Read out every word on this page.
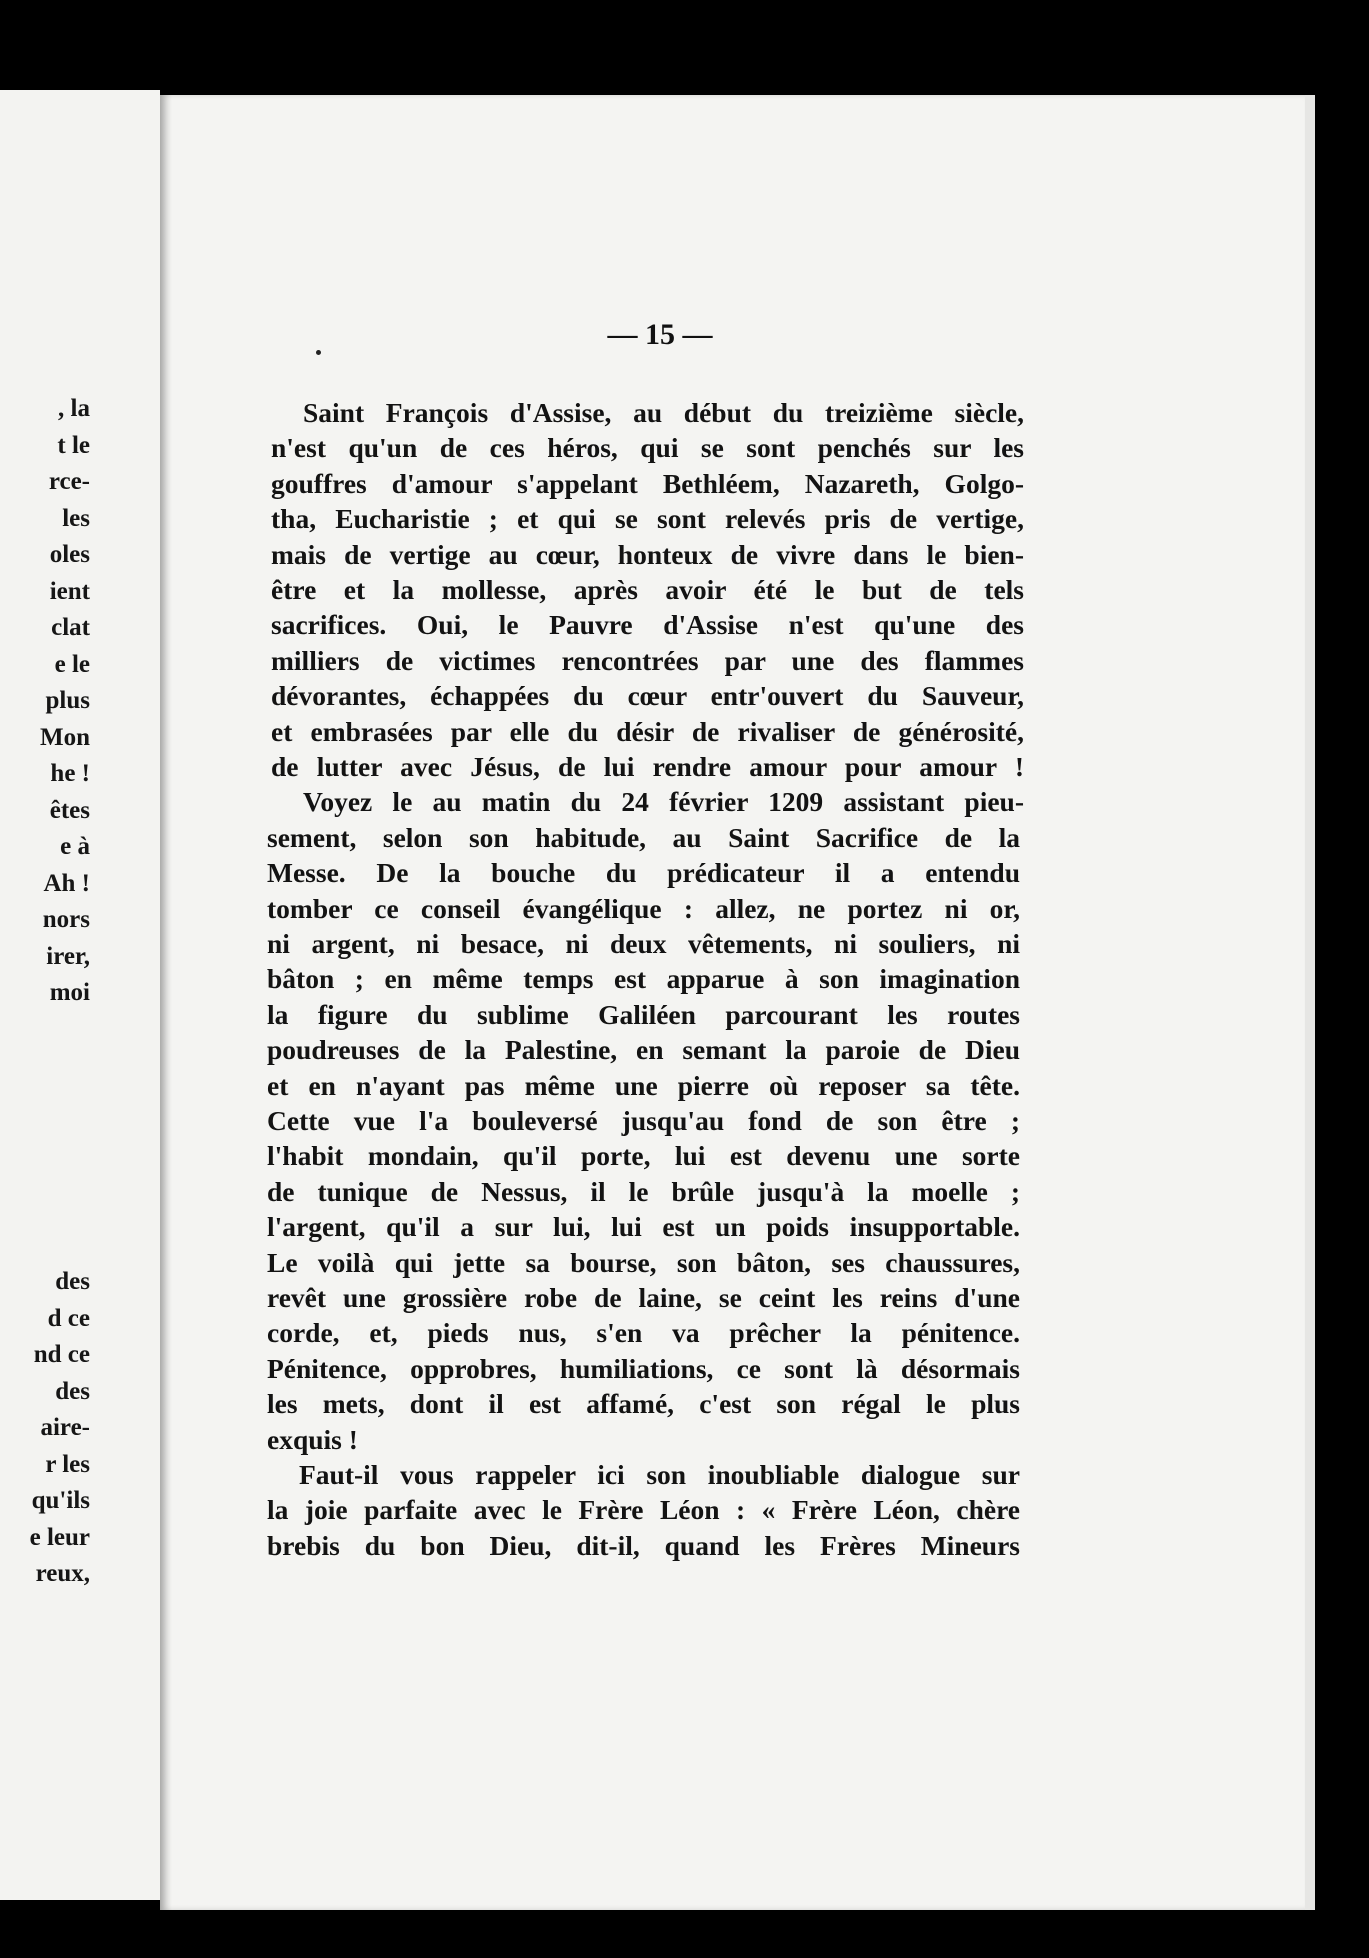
, la
t le
rce-
les
oles
ient
clat
e le
plus
Mon
he !
êtes
e à
Ah !
nors
irer,
moi
des
d ce
nd ce
des
aire-
r les
qu'ils
e leur
reux,
— 15 —
Saint François d'Assise, au début du treizième siècle,
n'est qu'un de ces héros, qui se sont penchés sur les
gouffres d'amour s'appelant Bethléem, Nazareth, Golgo-
tha, Eucharistie ; et qui se sont relevés pris de vertige,
mais de vertige au cœur, honteux de vivre dans le bien-
être et la mollesse, après avoir été le but de tels
sacrifices. Oui, le Pauvre d'Assise n'est qu'une des
milliers de victimes rencontrées par une des flammes
dévorantes, échappées du cœur entr'ouvert du Sauveur,
et embrasées par elle du désir de rivaliser de générosité,
de lutter avec Jésus, de lui rendre amour pour amour !
Voyez le au matin du 24 février 1209 assistant pieu-
sement, selon son habitude, au Saint Sacrifice de la
Messe. De la bouche du prédicateur il a entendu
tomber ce conseil évangélique : allez, ne portez ni or,
ni argent, ni besace, ni deux vêtements, ni souliers, ni
bâton ; en même temps est apparue à son imagination
la figure du sublime Galiléen parcourant les routes
poudreuses de la Palestine, en semant la paroie de Dieu
et en n'ayant pas même une pierre où reposer sa tête.
Cette vue l'a bouleversé jusqu'au fond de son être ;
l'habit mondain, qu'il porte, lui est devenu une sorte
de tunique de Nessus, il le brûle jusqu'à la moelle ;
l'argent, qu'il a sur lui, lui est un poids insupportable.
Le voilà qui jette sa bourse, son bâton, ses chaussures,
revêt une grossière robe de laine, se ceint les reins d'une
corde, et, pieds nus, s'en va prêcher la pénitence.
Pénitence, opprobres, humiliations, ce sont là désormais
les mets, dont il est affamé, c'est son régal le plus
exquis !
Faut-il vous rappeler ici son inoubliable dialogue sur
la joie parfaite avec le Frère Léon : « Frère Léon, chère
brebis du bon Dieu, dit-il, quand les Frères Mineurs
